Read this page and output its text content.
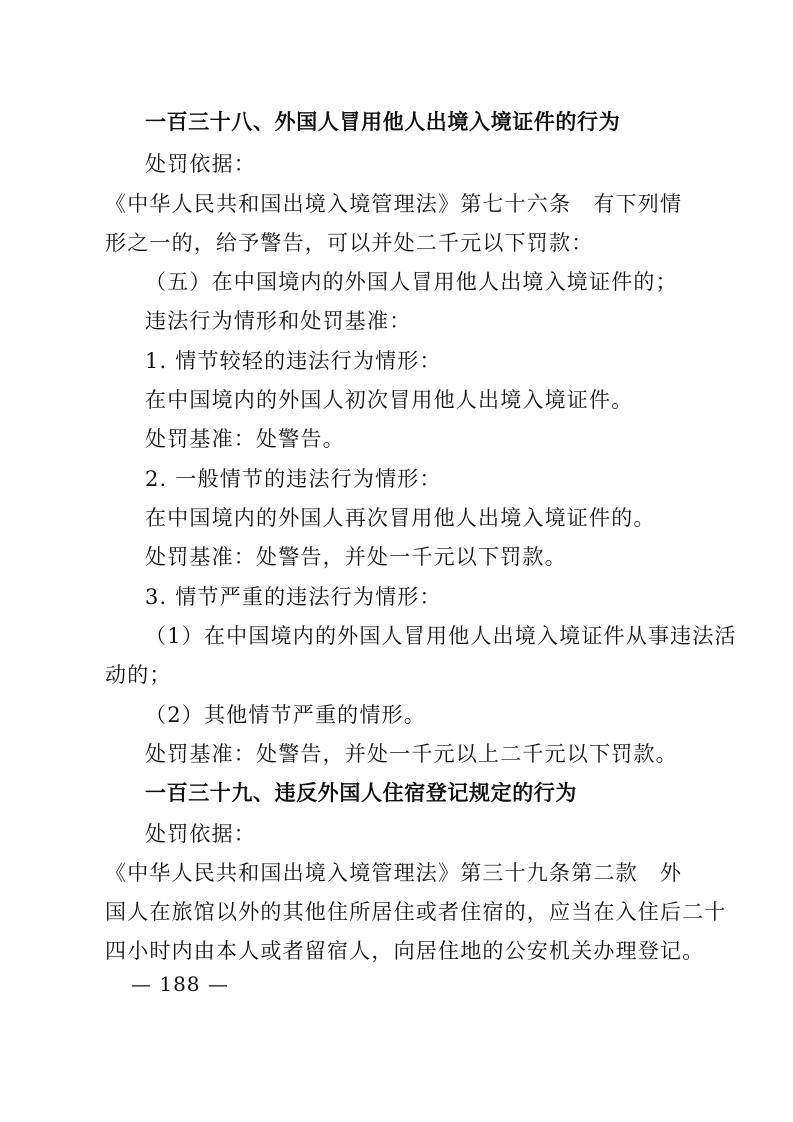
一百三十八、外国人冒用他人出境入境证件的行为
处罚依据：
《中华人民共和国出境入境管理法》第七十六条　有下列情
形之一的，给予警告，可以并处二千元以下罚款：
（五）在中国境内的外国人冒用他人出境入境证件的；
违法行为情形和处罚基准：
1. 情节较轻的违法行为情形：
在中国境内的外国人初次冒用他人出境入境证件。
处罚基准：处警告。
2. 一般情节的违法行为情形：
在中国境内的外国人再次冒用他人出境入境证件的。
处罚基准：处警告，并处一千元以下罚款。
3. 情节严重的违法行为情形：
（1）在中国境内的外国人冒用他人出境入境证件从事违法活
动的；
（2）其他情节严重的情形。
处罚基准：处警告，并处一千元以上二千元以下罚款。
一百三十九、违反外国人住宿登记规定的行为
处罚依据：
《中华人民共和国出境入境管理法》第三十九条第二款　外
国人在旅馆以外的其他住所居住或者住宿的，应当在入住后二十
四小时内由本人或者留宿人，向居住地的公安机关办理登记。
— 188 —
